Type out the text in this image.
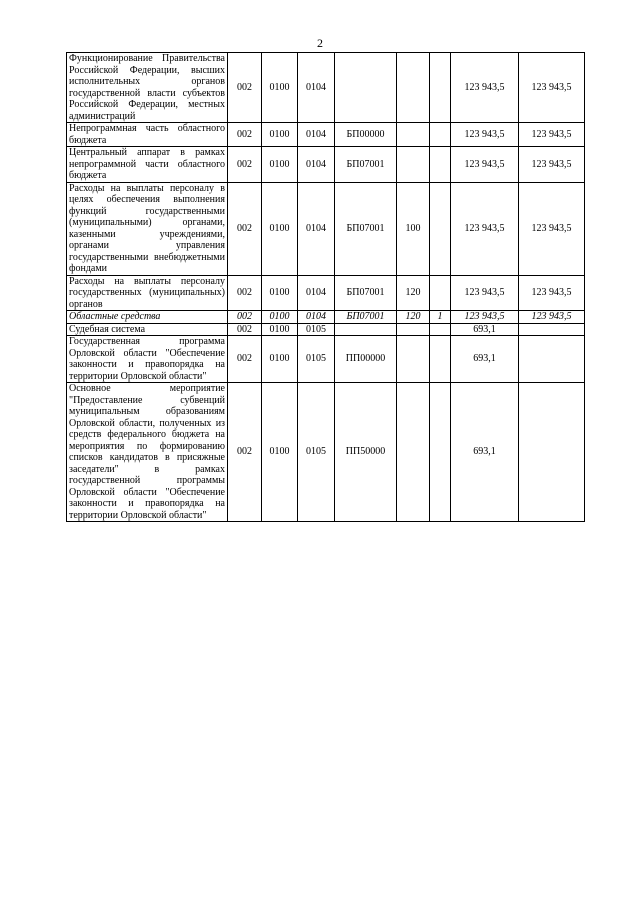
2
Функционирование Правительства Российской Федерации, высших исполнительных органов государственной власти субъектов Российской Федерации, местных администраций	002	0100	0104				123 943,5	123 943,5
Непрограммная часть областного бюджета	002	0100	0104	БП00000			123 943,5	123 943,5
Центральный аппарат в рамках непрограммной части областного бюджета	002	0100	0104	БП07001			123 943,5	123 943,5
Расходы на выплаты персоналу в целях обеспечения выполнения функций государственными (муниципальными) органами, казенными учреждениями, органами управления государственными внебюджетными фондами	002	0100	0104	БП07001	100		123 943,5	123 943,5
Расходы на выплаты персоналу государственных (муниципальных) органов	002	0100	0104	БП07001	120		123 943,5	123 943,5
Областные средства	002	0100	0104	БП07001	120	1	123 943,5	123 943,5
Судебная система	002	0100	0105				693,1	
Государственная программа Орловской области "Обеспечение законности и правопорядка на территории Орловской области"	002	0100	0105	ПП00000			693,1	
Основное мероприятие "Предоставление субвенций муниципальным образованиям Орловской области, полученных из средств федерального бюджета на мероприятия по формированию списков кандидатов в присяжные заседатели" в рамках государственной программы Орловской области "Обеспечение законности и правопорядка на территории Орловской области"	002	0100	0105	ПП50000			693,1	
